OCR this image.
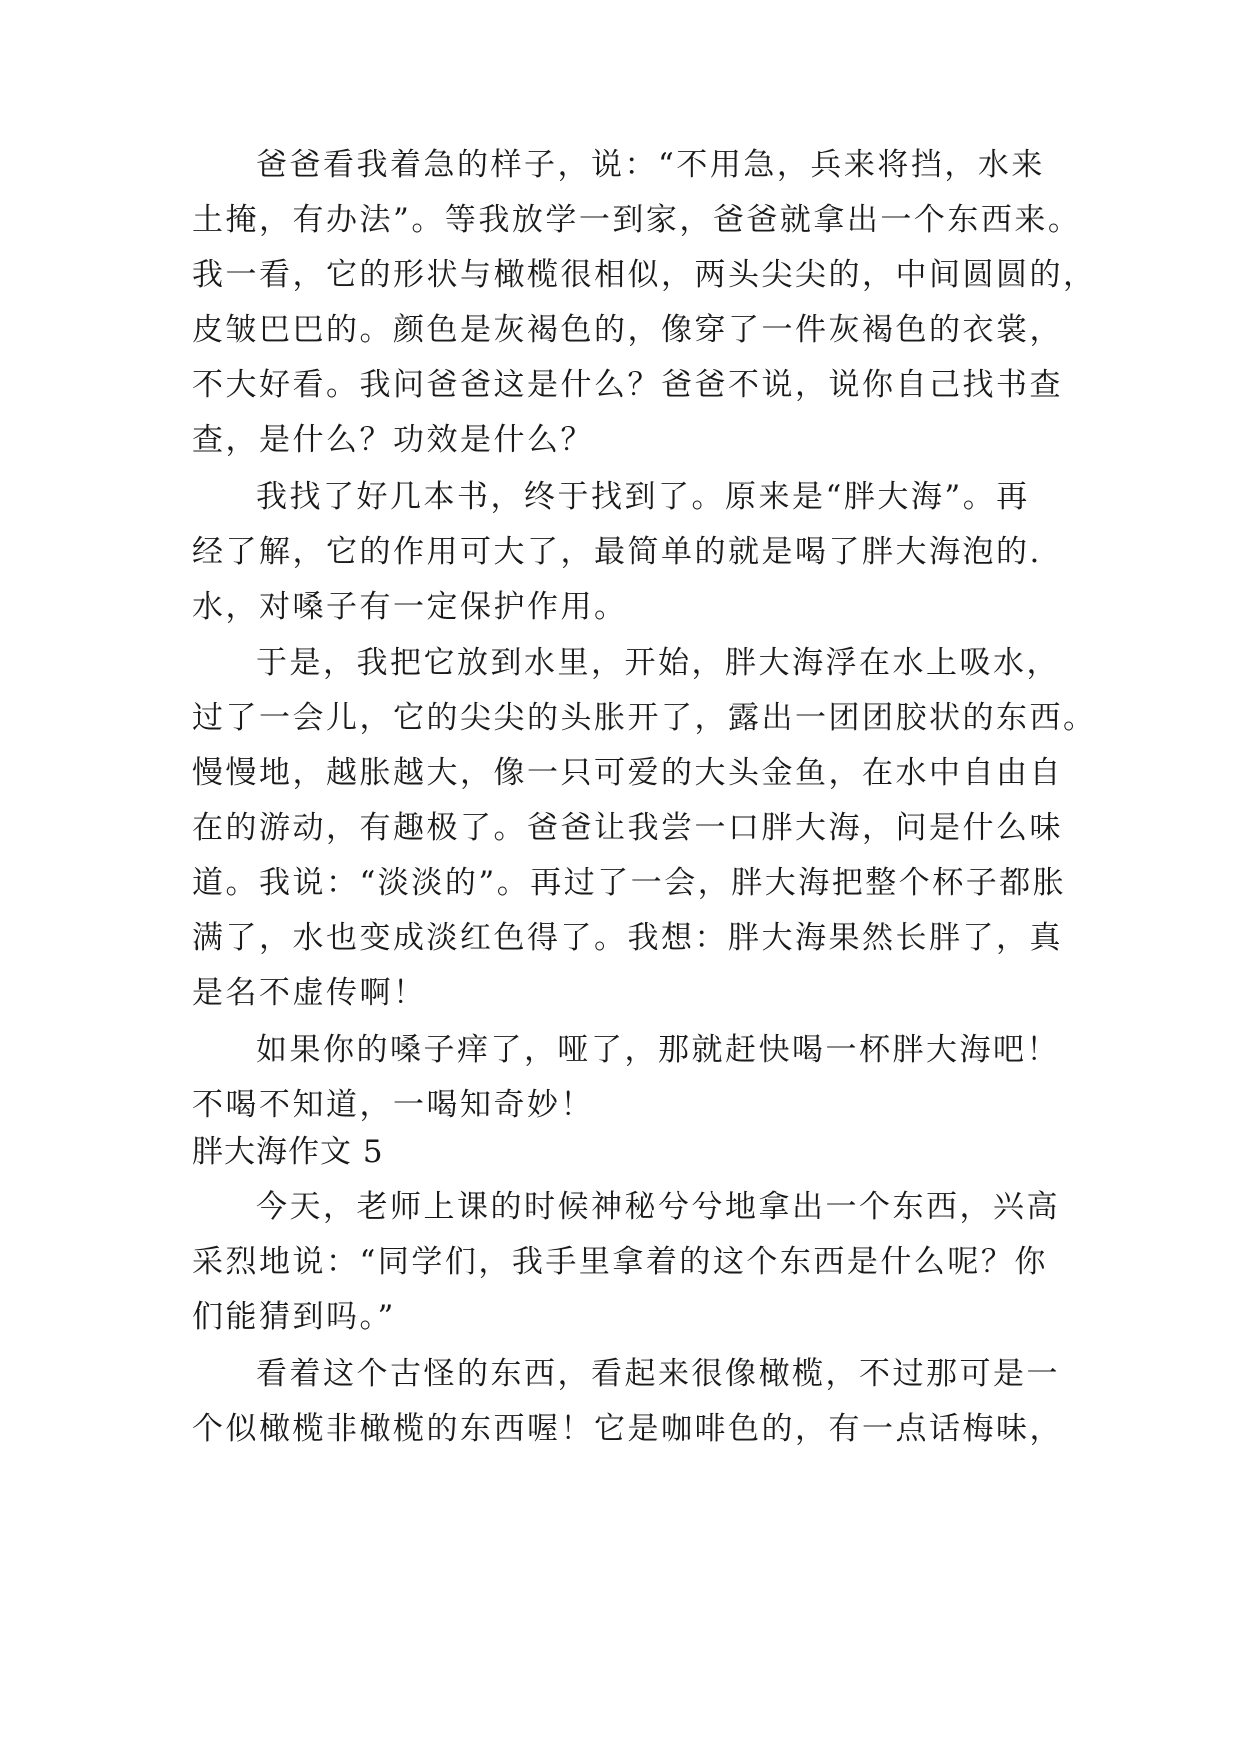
爸爸看我着急的样子，说：“不用急，兵来将挡，水来
土掩，有办法”。等我放学一到家，爸爸就拿出一个东西来。
我一看，它的形状与橄榄很相似，两头尖尖的，中间圆圆的，
皮皱巴巴的。颜色是灰褐色的，像穿了一件灰褐色的衣裳，
不大好看。我问爸爸这是什么？爸爸不说，说你自己找书查
查，是什么？功效是什么？
我找了好几本书，终于找到了。原来是“胖大海”。再
经了解，它的作用可大了，最简单的就是喝了胖大海泡的.
水，对嗓子有一定保护作用。
于是，我把它放到水里，开始，胖大海浮在水上吸水，
过了一会儿，它的尖尖的头胀开了，露出一团团胶状的东西。
慢慢地，越胀越大，像一只可爱的大头金鱼，在水中自由自
在的游动，有趣极了。爸爸让我尝一口胖大海，问是什么味
道。我说：“淡淡的”。再过了一会，胖大海把整个杯子都胀
满了，水也变成淡红色得了。我想：胖大海果然长胖了，真
是名不虚传啊！
如果你的嗓子痒了，哑了，那就赶快喝一杯胖大海吧！
不喝不知道，一喝知奇妙！
胖大海作文 5
今天，老师上课的时候神秘兮兮地拿出一个东西，兴高
采烈地说：“同学们，我手里拿着的这个东西是什么呢？你
们能猜到吗。”
看着这个古怪的东西，看起来很像橄榄，不过那可是一
个似橄榄非橄榄的东西喔！它是咖啡色的，有一点话梅味，
